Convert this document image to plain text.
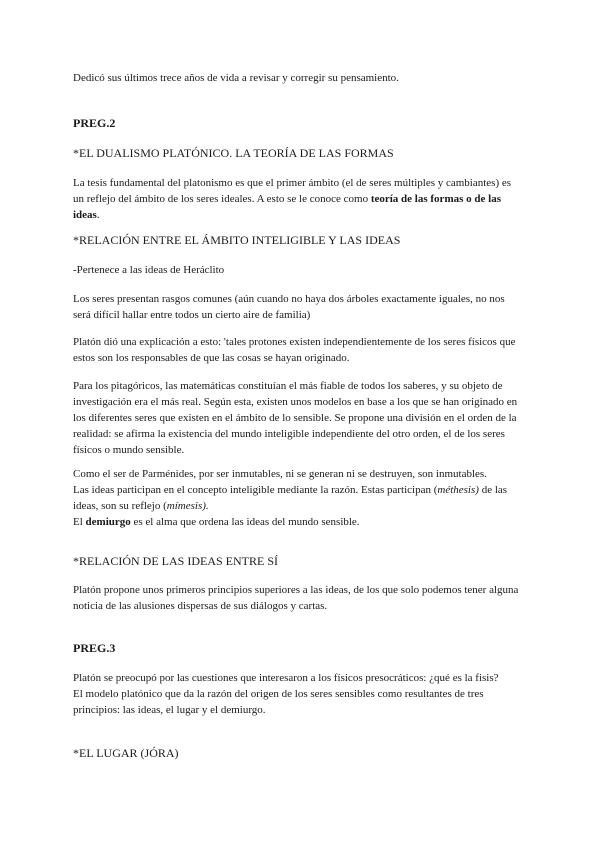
Dedicó sus últimos trece años de vida a revisar y corregir su pensamiento.

PREG.2

*EL DUALISMO PLATÓNICO. LA TEORÍA DE LAS FORMAS

La tesis fundamental del platonismo es que el primer ámbito (el de seres múltiples y cambiantes) es un reflejo del ámbito de los seres ideales. A esto se le conoce como teoría de las formas o de las ideas.

*RELACIÓN ENTRE EL ÁMBITO INTELIGIBLE Y LAS IDEAS

-Pertenece a las ideas de Heráclito

Los seres presentan rasgos comunes (aún cuando no haya dos árboles exactamente iguales, no nos será difícil hallar entre todos un cierto aire de familia)

Platón dió una explicación a esto: 'tales protones existen independientemente de los seres físicos que estos son los responsables de que las cosas se hayan originado.

Para los pitagóricos, las matemáticas constituían el más fiable de todos los saberes, y su objeto de investigación era el más real. Según esta, existen unos modelos en base a los que se han originado en los diferentes seres que existen en el ámbito de lo sensible. Se propone una división en el orden de la realidad: se afirma la existencia del mundo inteligible independiente del otro orden, el de los seres físicos o mundo sensible.

Como el ser de Parménides, por ser inmutables, ni se generan ni se destruyen, son inmutables.
Las ideas participan en el concepto inteligible mediante la razón. Estas participan (méthesis) de las ideas, son su reflejo (mímesis).
El demiurgo es el alma que ordena las ideas del mundo sensible.

*RELACIÓN DE LAS IDEAS ENTRE SÍ

Platón propone unos primeros principios superiores a las ideas, de los que solo podemos tener alguna noticia de las alusiones dispersas de sus diálogos y cartas.

PREG.3

Platón se preocupó por las cuestiones que interesaron a los físicos presocráticos: ¿qué es la fisis?
El modelo platónico que da la razón del origen de los seres sensibles como resultantes de tres principios: las ideas, el lugar y el demiurgo.

*EL LUGAR (JÓRA)
